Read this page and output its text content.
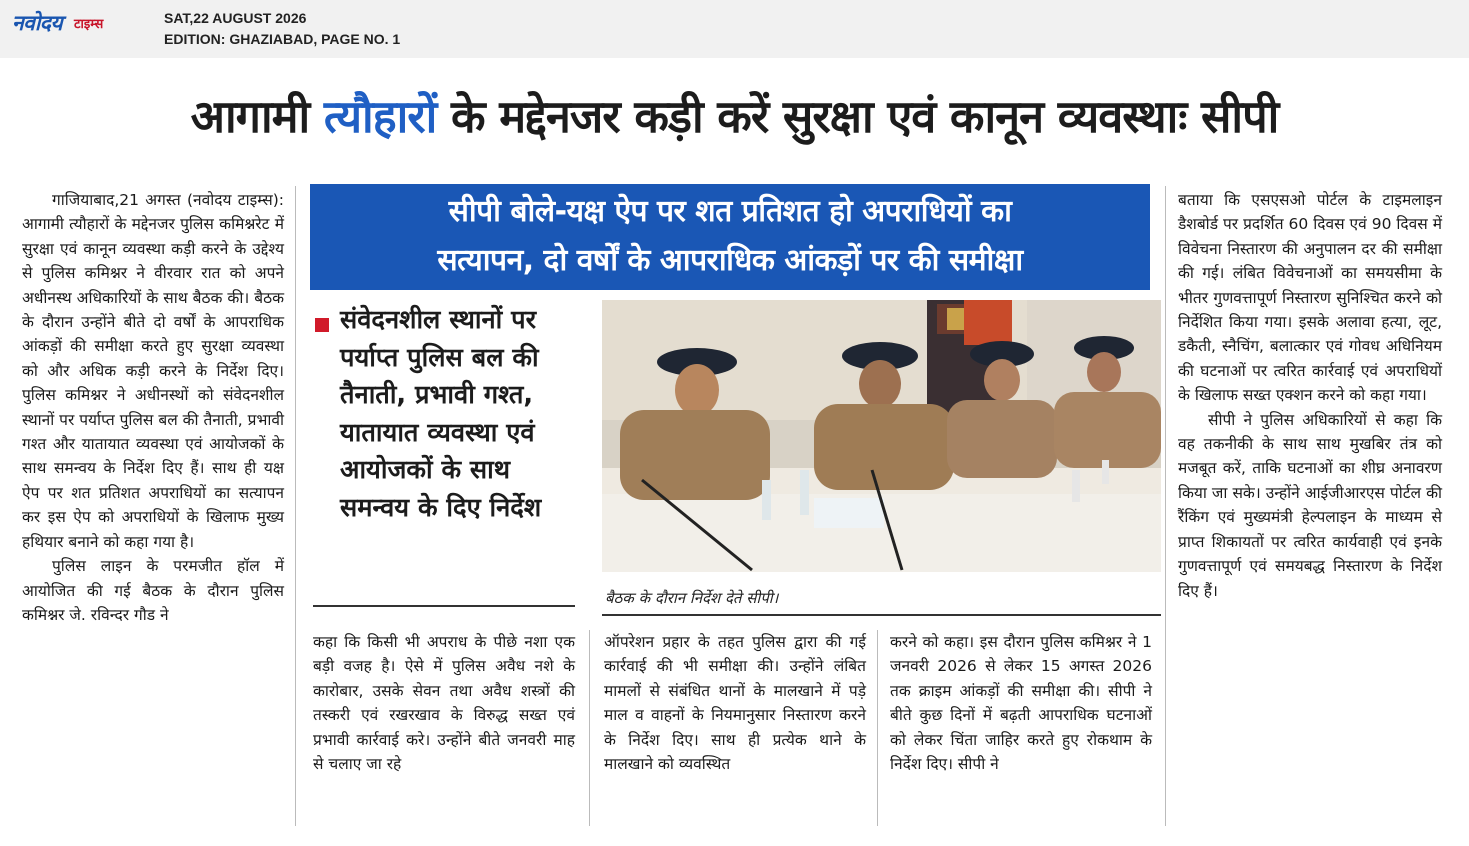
नवोदय टाइम्स	SAT,22 AUGUST 2026
EDITION: GHAZIABAD, PAGE NO. 1
आगामी त्यौहारों के मद्देनजर कड़ी करें सुरक्षा एवं कानून व्यवस्थाः सीपी
सीपी बोले-यक्ष ऐप पर शत प्रतिशत हो अपराधियों का
सत्यापन, दो वर्षों के आपराधिक आंकड़ों पर की समीक्षा

गाजियाबाद,21 अगस्त (नवोदय टाइम्स): आगामी त्यौहारों के मद्देनजर पुलिस कमिश्नरेट में सुरक्षा एवं कानून व्यवस्था कड़ी करने के उद्देश्य से पुलिस कमिश्नर ने वीरवार रात को अपने अधीनस्थ अधिकारियों के साथ बैठक की। बैठक के दौरान उन्होंने बीते दो वर्षों के आपराधिक आंकड़ों की समीक्षा करते हुए सुरक्षा व्यवस्था को और अधिक कड़ी करने के निर्देश दिए। पुलिस कमिश्नर ने अधीनस्थों को संवेदनशील स्थानों पर पर्याप्त पुलिस बल की तैनाती, प्रभावी गश्त और यातायात व्यवस्था एवं आयोजकों के साथ समन्वय के निर्देश दिए हैं। साथ ही यक्ष ऐप पर शत प्रतिशत अपराधियों का सत्यापन कर इस ऐप को अपराधियों के खिलाफ मुख्य हथियार बनाने को कहा गया है।

पुलिस लाइन के परमजीत हॉल में आयोजित की गई बैठक के दौरान पुलिस कमिश्नर जे. रविन्दर गौड ने

संवेदनशील स्थानों पर पर्याप्त पुलिस बल की तैनाती, प्रभावी गश्त, यातायात व्यवस्था एवं आयोजकों के साथ समन्वय के दिए निर्देश

बैठक के दौरान निर्देश देते सीपी।

कहा कि किसी भी अपराध के पीछे नशा एक बड़ी वजह है। ऐसे में पुलिस अवैध नशे के कारोबार, उसके सेवन तथा अवैध शस्त्रों की तस्करी एवं रखरखाव के विरुद्ध सख्त एवं प्रभावी कार्रवाई करे। उन्होंने बीते जनवरी माह से चलाए जा रहे

ऑपरेशन प्रहार के तहत पुलिस द्वारा की गई कार्रवाई की भी समीक्षा की। उन्होंने लंबित मामलों से संबंधित थानों के मालखाने में पड़े माल व वाहनों के नियमानुसार निस्तारण करने के निर्देश दिए। साथ ही प्रत्येक थाने के मालखाने को व्यवस्थित

करने को कहा। इस दौरान पुलिस कमिश्नर ने 1 जनवरी 2026 से लेकर 15 अगस्त 2026 तक क्राइम आंकड़ों की समीक्षा की। सीपी ने बीते कुछ दिनों में बढ़ती आपराधिक घटनाओं को लेकर चिंता जाहिर करते हुए रोकथाम के निर्देश दिए। सीपी ने

बताया कि एसएसओ पोर्टल के टाइमलाइन डैशबोर्ड पर प्रदर्शित 60 दिवस एवं 90 दिवस में विवेचना निस्तारण की अनुपालन दर की समीक्षा की गई। लंबित विवेचनाओं का समयसीमा के भीतर गुणवत्तापूर्ण निस्तारण सुनिश्चित करने को निर्देशित किया गया। इसके अलावा हत्या, लूट, डकैती, स्नैचिंग, बलात्कार एवं गोवध अधिनियम की घटनाओं पर त्वरित कार्रवाई एवं अपराधियों के खिलाफ सख्त एक्शन करने को कहा गया।

सीपी ने पुलिस अधिकारियों से कहा कि वह तकनीकी के साथ साथ मुखबिर तंत्र को मजबूत करें, ताकि घटनाओं का शीघ्र अनावरण किया जा सके। उन्होंने आईजीआरएस पोर्टल की रैंकिंग एवं मुख्यमंत्री हेल्पलाइन के माध्यम से प्राप्त शिकायतों पर त्वरित कार्यवाही एवं इनके गुणवत्तापूर्ण एवं समयबद्ध निस्तारण के निर्देश दिए हैं।
